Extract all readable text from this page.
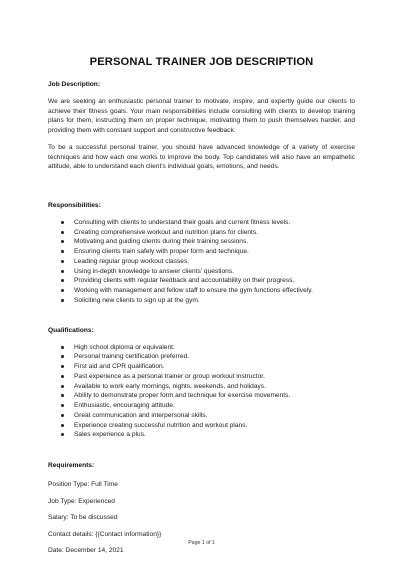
PERSONAL TRAINER JOB DESCRIPTION
Job Description:

We are seeking an enthusiastic personal trainer to motivate, inspire, and expertly guide our clients to achieve their fitness goals. Your main responsibilities include consulting with clients to develop training plans for them, instructing them on proper technique, motivating them to push themselves harder, and providing them with constant support and constructive feedback.

To be a successful personal trainer, you should have advanced knowledge of a variety of exercise techniques and how each one works to improve the body. Top candidates will also have an empathetic attitude, able to understand each client's individual goals, emotions, and needs.

Responsibilities:
Consulting with clients to understand their goals and current fitness levels.
Creating comprehensive workout and nutrition plans for clients.
Motivating and guiding clients during their training sessions.
Ensuring clients train safely with proper form and technique.
Leading regular group workout classes.
Using in-depth knowledge to answer clients' questions.
Providing clients with regular feedback and accountability on their progress.
Working with management and fellow staff to ensure the gym functions effectively.
Soliciting new clients to sign up at the gym.
Qualifications:
High school diploma or equivalent.
Personal training certification preferred.
First aid and CPR qualification.
Past experience as a personal trainer or group workout instructor.
Available to work early mornings, nights, weekends, and holidays.
Ability to demonstrate proper form and technique for exercise movements.
Enthusiastic, encouraging attitude.
Great communication and interpersonal skills.
Experience creating successful nutrition and workout plans.
Sales experience a plus.
Requirements:
Position Type: Full Time
Job Type: Experienced
Salary: To be discussed
Contact details: {{Contact information}}
Date: December 14, 2021
Page 1 of 1
